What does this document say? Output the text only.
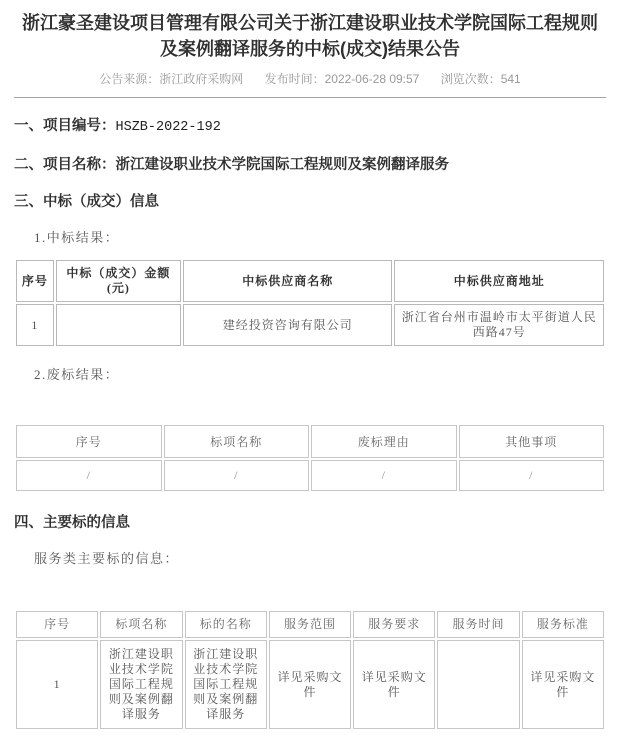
浙江豪圣建设项目管理有限公司关于浙江建设职业技术学院国际工程规则及案例翻译服务的中标(成交)结果公告
公告来源：浙江政府采购网 发布时间：2022-06-28 09:57 浏览次数：541
一、项目编号：HSZB-2022-192
二、项目名称：浙江建设职业技术学院国际工程规则及案例翻译服务
三、中标（成交）信息
1.中标结果：
序号	中标（成交）金额(元)	中标供应商名称	中标供应商地址
1		建经投资咨询有限公司	浙江省台州市温岭市太平街道人民西路47号
2.废标结果：
序号	标项名称	废标理由	其他事项
/	/	/	/
四、主要标的信息
服务类主要标的信息：
序号	标项名称	标的名称	服务范围	服务要求	服务时间	服务标准
1	浙江建设职业技术学院国际工程规则及案例翻译服务	浙江建设职业技术学院国际工程规则及案例翻译服务	详见采购文件	详见采购文件		详见采购文件
